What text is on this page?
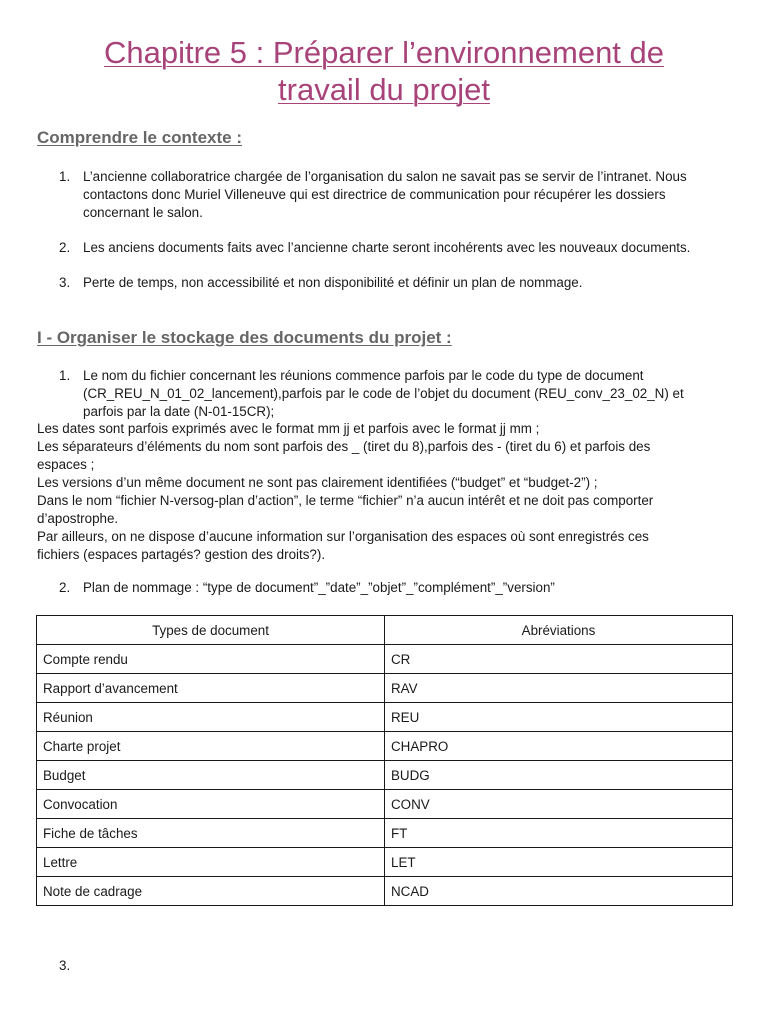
Chapitre 5 : Préparer l’environnement de
travail du projet
Comprendre le contexte :
1. L’ancienne collaboratrice chargée de l’organisation du salon ne savait pas se servir de l’intranet. Nous
contactons donc Muriel Villeneuve qui est directrice de communication pour récupérer les dossiers
concernant le salon.
2. Les anciens documents faits avec l’ancienne charte seront incohérents avec les nouveaux documents.
3. Perte de temps, non accessibilité et non disponibilité et définir un plan de nommage.
I - Organiser le stockage des documents du projet :
1. Le nom du fichier concernant les réunions commence parfois par le code du type de document
(CR_REU_N_01_02_lancement),parfois par le code de l’objet du document (REU_conv_23_02_N) et
parfois par la date (N-01-15CR);
Les dates sont parfois exprimés avec le format mm jj et parfois avec le format jj mm ;
Les séparateurs d’éléments du nom sont parfois des _ (tiret du 8),parfois des - (tiret du 6) et parfois des
espaces ;
Les versions d’un même document ne sont pas clairement identifiées (“budget” et “budget-2”) ;
Dans le nom “fichier N-versog-plan d’action”, le terme “fichier” n’a aucun intérêt et ne doit pas comporter
d’apostrophe.
Par ailleurs, on ne dispose d’aucune information sur l’organisation des espaces où sont enregistrés ces
fichiers (espaces partagés? gestion des droits?).
2. Plan de nommage : “type de document”_”date”_”objet”_”complément”_”version”
Types de document	Abréviations
Compte rendu	CR
Rapport d’avancement	RAV
Réunion	REU
Charte projet	CHAPRO
Budget	BUDG
Convocation	CONV
Fiche de tâches	FT
Lettre	LET
Note de cadrage	NCAD
3.
